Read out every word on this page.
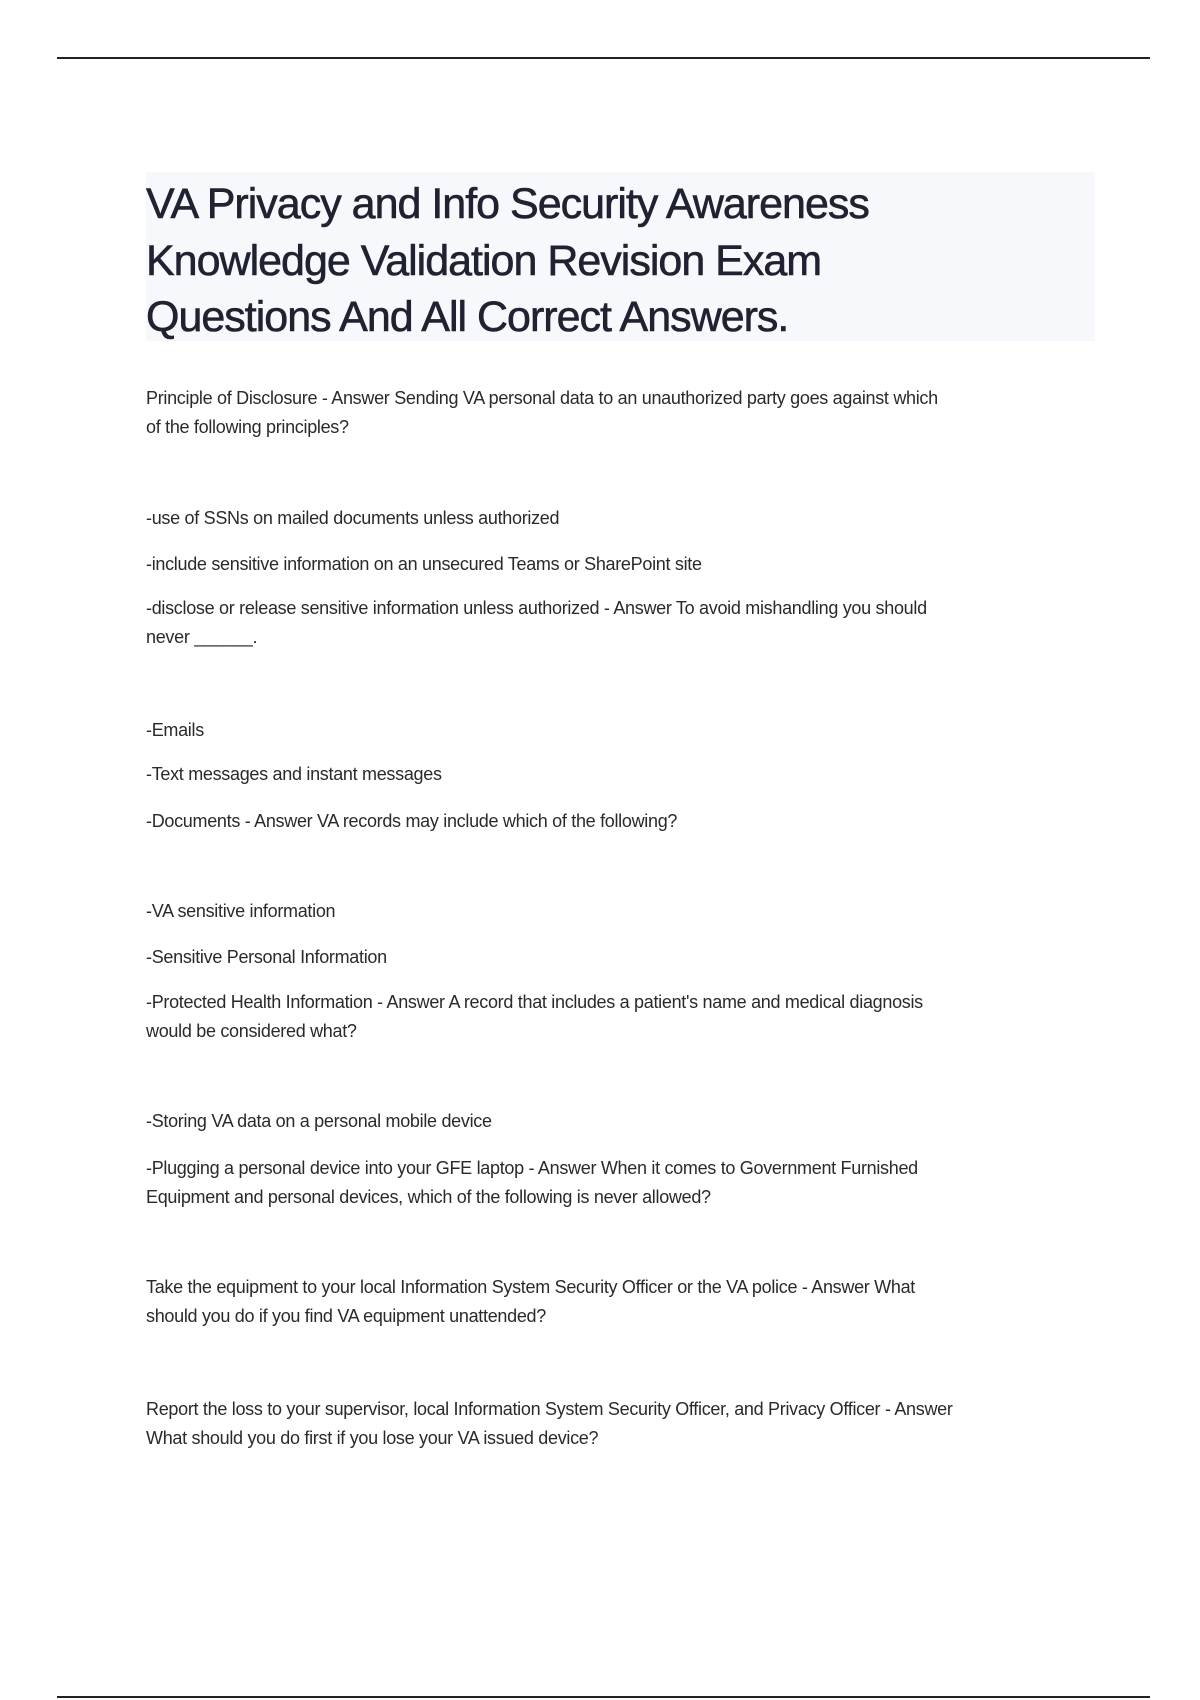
VA Privacy and Info Security Awareness
Knowledge Validation Revision Exam
Questions And All Correct Answers.

Principle of Disclosure - Answer Sending VA personal data to an unauthorized party goes against which
of the following principles?

-use of SSNs on mailed documents unless authorized

-include sensitive information on an unsecured Teams or SharePoint site

-disclose or release sensitive information unless authorized - Answer To avoid mishandling you should
never ______.

-Emails

-Text messages and instant messages

-Documents - Answer VA records may include which of the following?

-VA sensitive information

-Sensitive Personal Information

-Protected Health Information - Answer A record that includes a patient's name and medical diagnosis
would be considered what?

-Storing VA data on a personal mobile device

-Plugging a personal device into your GFE laptop - Answer When it comes to Government Furnished
Equipment and personal devices, which of the following is never allowed?

Take the equipment to your local Information System Security Officer or the VA police - Answer What
should you do if you find VA equipment unattended?

Report the loss to your supervisor, local Information System Security Officer, and Privacy Officer - Answer
What should you do first if you lose your VA issued device?
